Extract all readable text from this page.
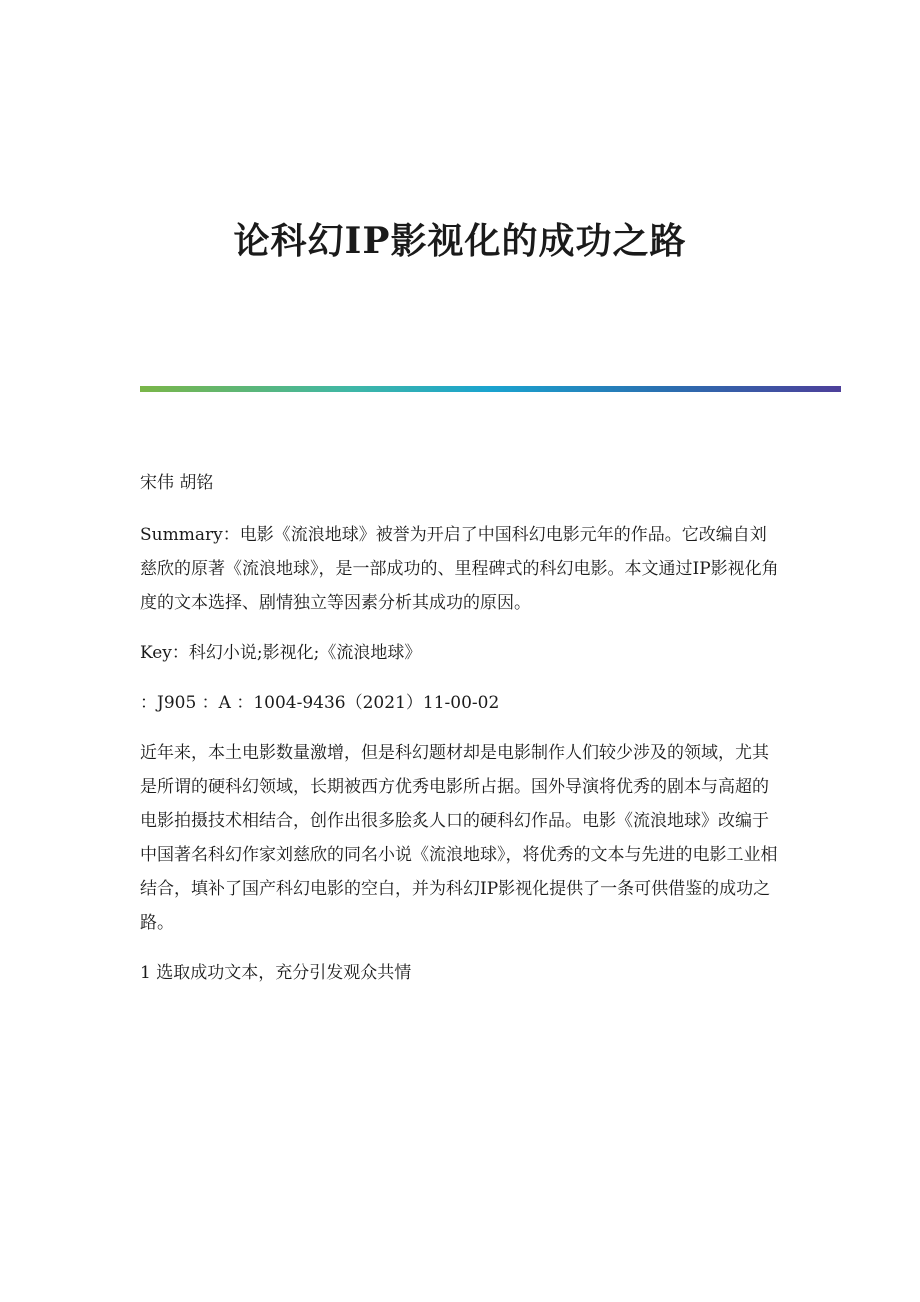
论科幻IP影视化的成功之路

宋伟 胡铭

Summary：电影《流浪地球》被誉为开启了中国科幻电影元年的作品。它改编自刘慈欣的原著《流浪地球》，是一部成功的、里程碑式的科幻电影。本文通过IP影视化角度的文本选择、剧情独立等因素分析其成功的原因。

Key：科幻小说;影视化;《流浪地球》

：J905 ：A ：1004-9436（2021）11-00-02

近年来，本土电影数量激增，但是科幻题材却是电影制作人们较少涉及的领域，尤其是所谓的硬科幻领域，长期被西方优秀电影所占据。国外导演将优秀的剧本与高超的电影拍摄技术相结合，创作出很多脍炙人口的硬科幻作品。电影《流浪地球》改编于中国著名科幻作家刘慈欣的同名小说《流浪地球》，将优秀的文本与先进的电影工业相结合，填补了国产科幻电影的空白，并为科幻IP影视化提供了一条可供借鉴的成功之路。

1 选取成功文本，充分引发观众共情
